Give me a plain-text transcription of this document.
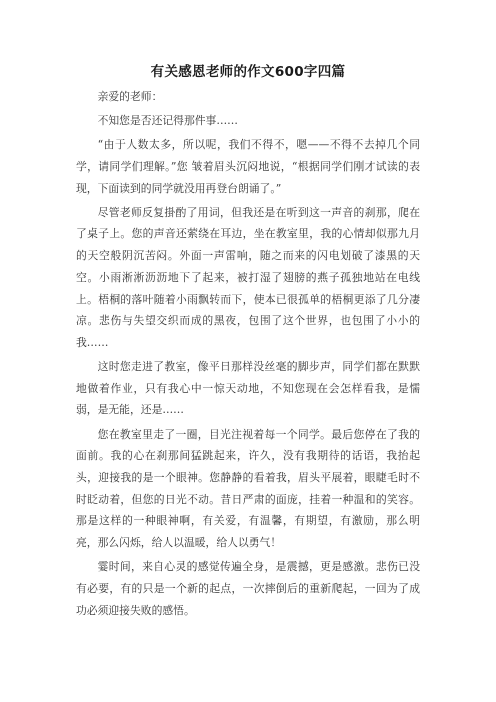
有关感恩老师的作文600字四篇

亲爱的老师：

不知您是否还记得那件事……

“由于人数太多，所以呢，我们不得不，嗯——不得不去掉几个同学，请同学们理解。”您 皱着眉头沉闷地说，“根据同学们刚才试读的表现，下面读到的同学就没用再登台朗诵了。”

尽管老师反复掛酌了用词，但我还是在听到这一声音的刹那，爬在了桌子上。您的声音还萦绕在耳边，坐在教室里，我的心情却似那九月的天空般阴沉苦闷。外面一声雷响，随之而来的闪电划破了漆黑的天空。小雨淅淅沥沥地下了起来，被打湿了翅膀的燕子孤独地站在电线上。梧桐的落叶随着小雨飘转而下，使本已很孤单的梧桐更添了几分凄凉。悲伤与失望交织而成的黑夜，包围了这个世界，也包围了小小的我……

这时您走进了教室，像平日那样没丝毫的脚步声，同学们都在默默地做着作业，只有我心中一惊天动地，不知您现在会怎样看我，是懦弱，是无能，还是……

您在教室里走了一圈，目光注视着每一个同学。最后您停在了我的面前。我的心在刹那间猛跳起来，许久，没有我期待的话语，我抬起头，迎接我的是一个眼神。您静静的看着我，眉头平展着，眼睫毛时不时眨动着，但您的日光不动。昔日严肃的面庞，挂着一种温和的笑容。那是这样的一种眼神啊，有关爱，有温馨，有期望，有激励，那么明亮，那么闪烁，给人以温暖，给人以勇气！

霎时间，来自心灵的感觉传遍全身，是震撼，更是感激。悲伤已没有必要，有的只是一个新的起点，一次摔倒后的重新爬起，一回为了成功必须迎接失败的感悟。
